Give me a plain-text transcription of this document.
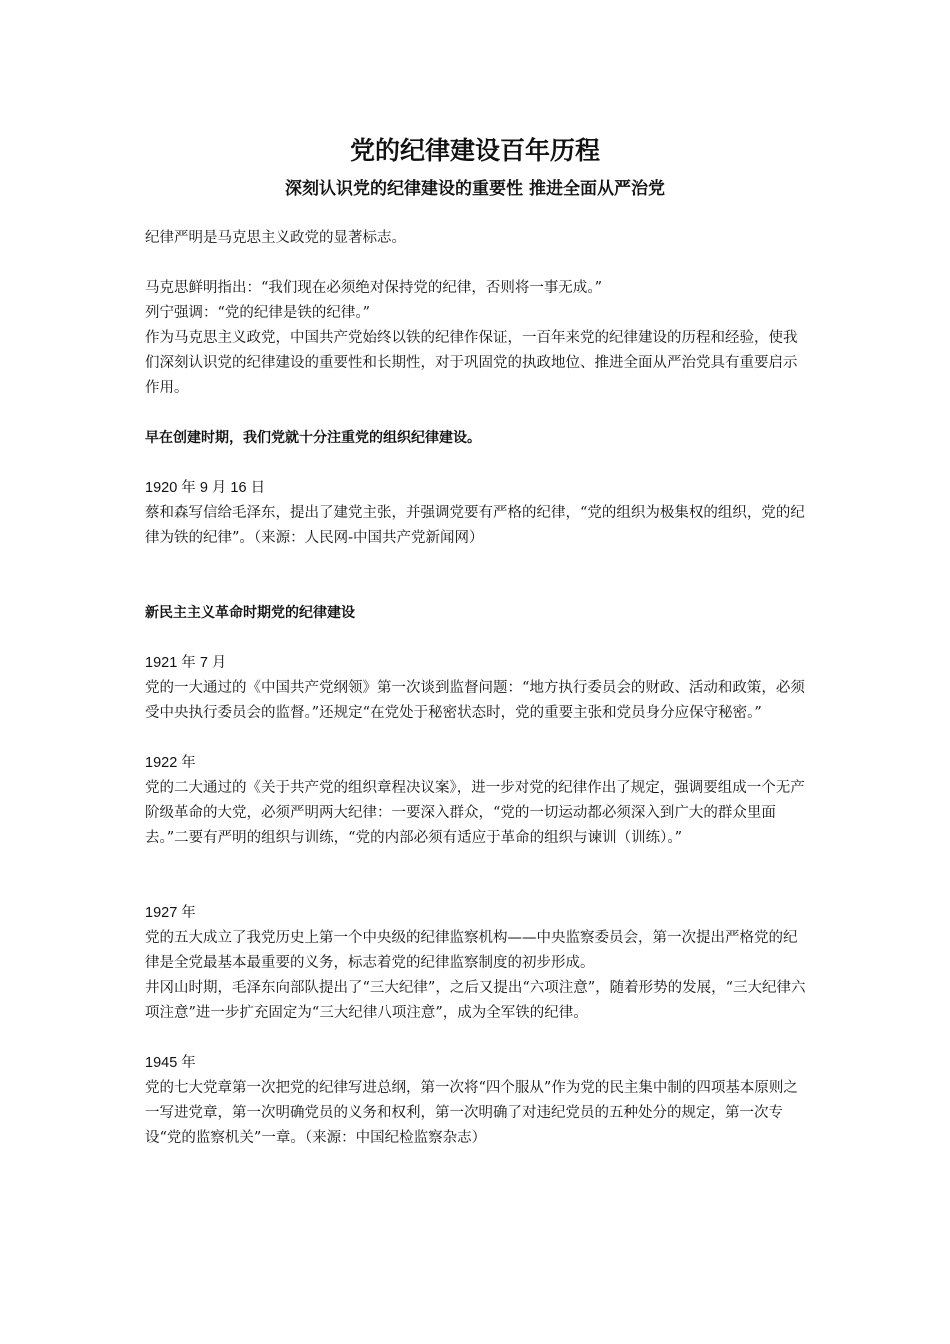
党的纪律建设百年历程
深刻认识党的纪律建设的重要性 推进全面从严治党

纪律严明是马克思主义政党的显著标志。

马克思鲜明指出：“我们现在必须绝对保持党的纪律，否则将一事无成。”

列宁强调：“党的纪律是铁的纪律。”

作为马克思主义政党，中国共产党始终以铁的纪律作保证，一百年来党的纪律建设的历程和经验，使我们深刻认识党的纪律建设的重要性和长期性，对于巩固党的执政地位、推进全面从严治党具有重要启示作用。

早在创建时期，我们党就十分注重党的组织纪律建设。

1920 年 9 月 16 日

蔡和森写信给毛泽东，提出了建党主张，并强调党要有严格的纪律，“党的组织为极集权的组织，党的纪律为铁的纪律”。（来源：人民网-中国共产党新闻网）

新民主主义革命时期党的纪律建设

1921 年 7 月

党的一大通过的《中国共产党纲领》第一次谈到监督问题：“地方执行委员会的财政、活动和政策，必须受中央执行委员会的监督。”还规定“在党处于秘密状态时，党的重要主张和党员身分应保守秘密。”

1922 年

党的二大通过的《关于共产党的组织章程决议案》，进一步对党的纪律作出了规定，强调要组成一个无产阶级革命的大党，必须严明两大纪律：一要深入群众，“党的一切运动都必须深入到广大的群众里面去。”二要有严明的组织与训练，“党的内部必须有适应于革命的组织与谏训（训练）。”

1927 年

党的五大成立了我党历史上第一个中央级的纪律监察机构——中央监察委员会，第一次提出严格党的纪律是全党最基本最重要的义务，标志着党的纪律监察制度的初步形成。

井冈山时期，毛泽东向部队提出了“三大纪律”，之后又提出“六项注意”，随着形势的发展，“三大纪律六项注意”进一步扩充固定为“三大纪律八项注意”，成为全军铁的纪律。

1945 年

党的七大党章第一次把党的纪律写进总纲，第一次将“四个服从”作为党的民主集中制的四项基本原则之一写进党章，第一次明确党员的义务和权利，第一次明确了对违纪党员的五种处分的规定，第一次专设“党的监察机关”一章。（来源：中国纪检监察杂志）
